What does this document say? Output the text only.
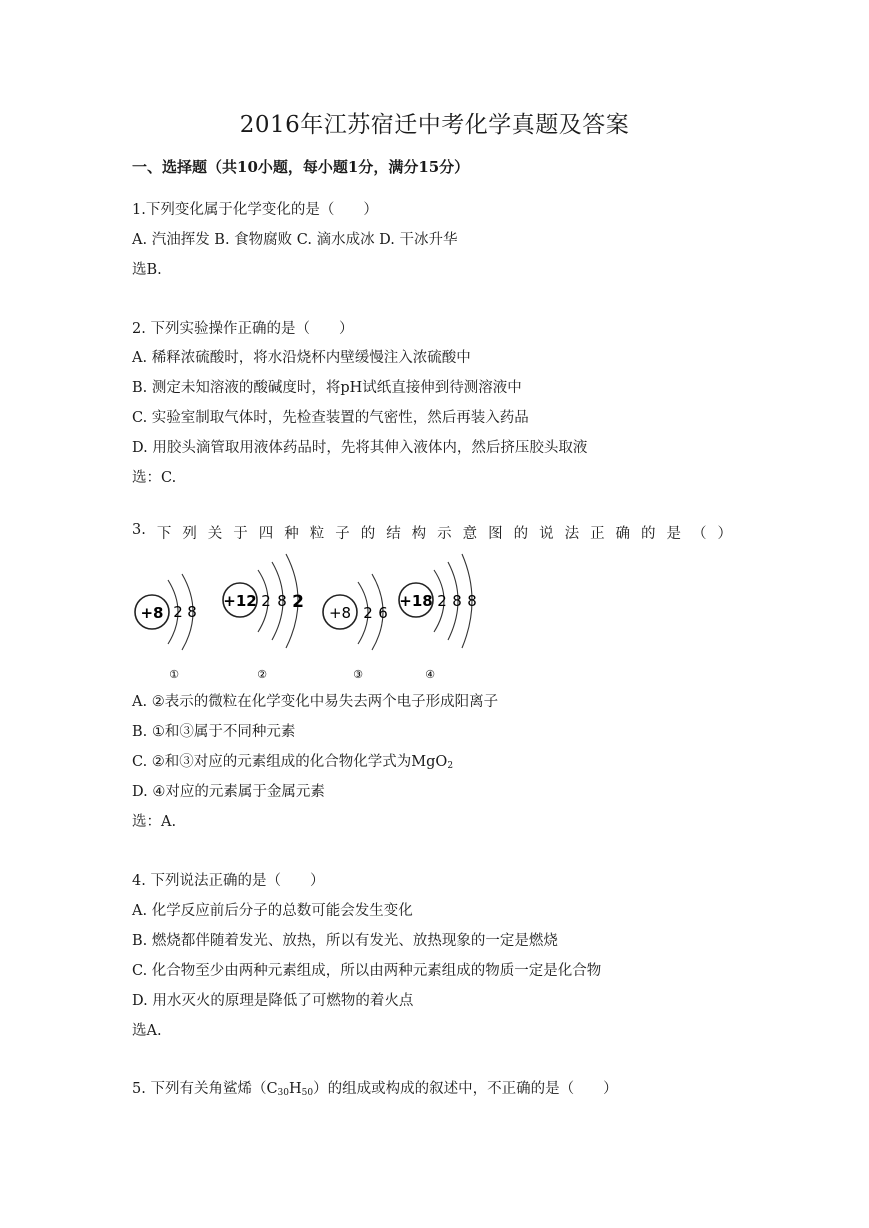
2016年江苏宿迁中考化学真题及答案
一、选择题（共10小题，每小题1分，满分15分）
1.下列变化属于化学变化的是（　　）
A. 汽油挥发 B. 食物腐败 C. 滴水成冰 D. 干冰升华
选B.
2. 下列实验操作正确的是（　　）
A. 稀释浓硫酸时，将水沿烧杯内壁缓慢注入浓硫酸中
B. 测定未知溶液的酸碱度时，将pH试纸直接伸到待测溶液中
C. 实验室制取气体时，先检查装置的气密性，然后再装入药品
D. 用胶头滴管取用液体药品时，先将其伸入液体内，然后挤压胶头取液
选：C.
3. 下 列 关 于 四 种 粒 子 的 结 构 示 意 图 的 说 法 正 确 的 是 （ ）
+8 2 8
①
+12 2 8 2
②
+8 2 6
③
+18 2 8 8
④
A. ②表示的微粒在化学变化中易失去两个电子形成阳离子
B. ①和③属于不同种元素
C. ②和③对应的元素组成的化合物化学式为MgO$_2$
D. ④对应的元素属于金属元素
选：A.
4. 下列说法正确的是（　　）
A. 化学反应前后分子的总数可能会发生变化
B. 燃烧都伴随着发光、放热，所以有发光、放热现象的一定是燃烧
C. 化合物至少由两种元素组成，所以由两种元素组成的物质一定是化合物
D. 用水灭火的原理是降低了可燃物的着火点
选A.
5. 下列有关角鲨烯$(C_{30}H_{50})$的组成或构成的叙述中，不正确的是（　　）
